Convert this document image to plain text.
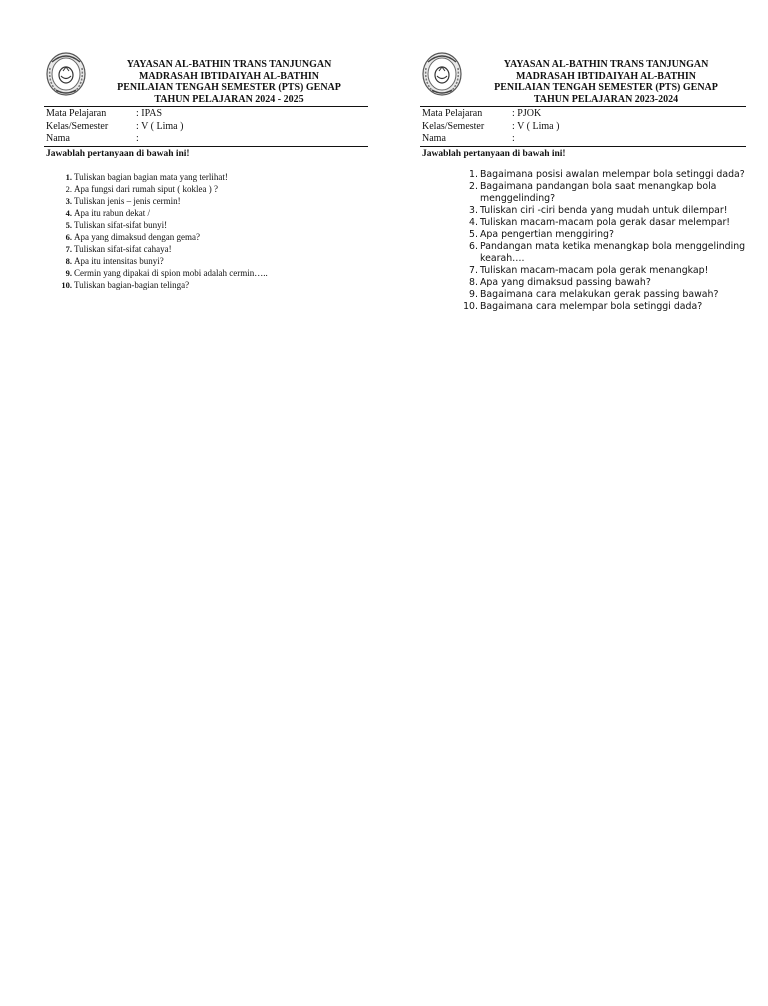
YAYASAN AL-BATHIN TRANS TANJUNGAN
MADRASAH IBTIDAIYAH AL-BATHIN
PENILAIAN TENGAH SEMESTER (PTS) GENAP
TAHUN PELAJARAN 2024 - 2025
Mata Pelajaran	: IPAS
Kelas/Semester	: V ( Lima )
Nama	:
Jawablah pertanyaan di bawah ini!
1. Tuliskan bagian bagian mata yang terlihat!
2. Apa fungsi dari rumah siput ( koklea ) ?
3. Tuliskan jenis – jenis cermin!
4. Apa itu rabun dekat /
5. Tuliskan sifat-sifat bunyi!
6. Apa yang dimaksud dengan gema?
7. Tuliskan sifat-sifat cahaya!
8. Apa itu intensitas bunyi?
9. Cermin yang dipakai di spion mobi adalah cermin…..
10. Tuliskan bagian-bagian telinga?
YAYASAN AL-BATHIN TRANS TANJUNGAN
MADRASAH IBTIDAIYAH AL-BATHIN
PENILAIAN TENGAH SEMESTER (PTS) GENAP
TAHUN PELAJARAN 2023-2024
Mata Pelajaran	: PJOK
Kelas/Semester	: V ( Lima )
Nama	:
Jawablah pertanyaan di bawah ini!
1. Bagaimana posisi awalan melempar bola setinggi dada?
2. Bagaimana pandangan bola saat menangkap bola menggelinding?
3. Tuliskan ciri -ciri benda yang mudah untuk dilempar!
4. Tuliskan macam-macam pola gerak dasar melempar!
5. Apa pengertian menggiring?
6. Pandangan mata ketika menangkap bola menggelinding kearah….
7. Tuliskan macam-macam pola gerak menangkap!
8. Apa yang dimaksud passing bawah?
9. Bagaimana cara melakukan gerak passing bawah?
10. Bagaimana cara melempar bola setinggi dada?
